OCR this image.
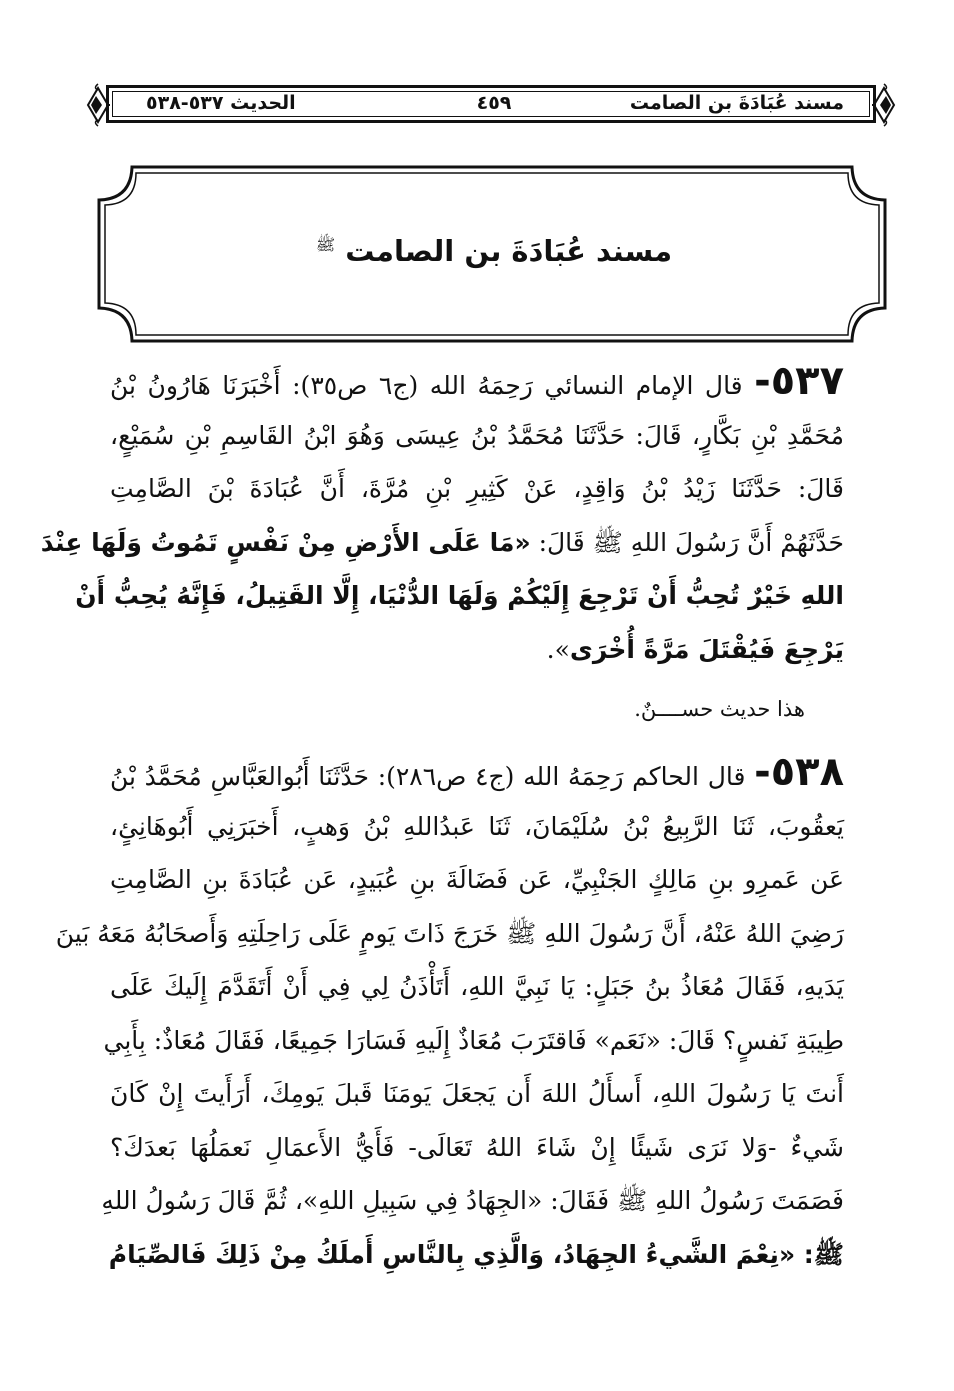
مسند عُبَادَةَ بن الصامت
٤٥٩
الحديث ٥٣٧-٥٣٨
مسند عُبَادَةَ بن الصامت $^ﷺ$
٥٣٧- قال الإمام النسائي رَحِمَهُ الله (ج٦ ص٣٥): أَخْبَرَنَا هَارُونُ بْنُ
مُحَمَّدِ بْنِ بَكَّارٍ، قَالَ: حَدَّثَنَا مُحَمَّدُ بْنُ عِيسَى وَهُوَ ابْنُ القَاسِمِ بْنِ سُمَيْعٍ،
قَالَ: حَدَّثَنَا زَيْدُ بْنُ وَاقِدٍ، عَنْ كَثِيرِ بْنِ مُرَّةَ، أَنَّ عُبَادَةَ بْنَ الصَّامِتِ
حَدَّثَهُمْ أَنَّ رَسُولَ اللهِ ﷺ قَالَ: «مَا عَلَى الأَرْضِ مِنْ نَفْسٍ تَمُوتُ وَلَهَا عِنْدَ
اللهِ خَيْرٌ تُحِبُّ أَنْ تَرْجِعَ إِلَيْكُمْ وَلَهَا الدُّنْيَا، إِلَّا القَتِيلُ، فَإِنَّهُ يُحِبُّ أَنْ
يَرْجِعَ فَيُقْتَلَ مَرَّةً أُخْرَى».
هذا حديث حســــنٌ.
٥٣٨- قال الحاكم رَحِمَهُ الله (ج٤ ص٢٨٦): حَدَّثَنَا أَبُوالعَبَّاسِ مُحَمَّدُ بْنُ
يَعقُوبَ، ثَنَا الرَّبِيعُ بْنُ سُلَيْمَانَ، ثَنَا عَبدُاللهِ بْنُ وَهبٍ، أَخبَرَنِي أَبُوهَانِئٍ،
عَن عَمرِو بنِ مَالِكٍ الجَنْبِيِّ، عَن فَضَالَةَ بنِ عُبَيدٍ، عَن عُبَادَةَ بنِ الصَّامِتِ
رَضِيَ اللهُ عَنْهُ، أَنَّ رَسُولَ اللهِ ﷺ خَرَجَ ذَاتَ يَومٍ عَلَى رَاحِلَتِهِ وَأَصحَابُهُ مَعَهُ بَينَ
يَدَيهِ، فَقَالَ مُعَاذُ بنُ جَبَلٍ: يَا نَبِيَّ اللهِ، أَتَأْذَنُ لِي فِي أَنْ أَتَقَدَّمَ إِلَيكَ عَلَى
طِيبَةِ نَفسٍ؟ قَالَ: «نَعَم» فَاقتَرَبَ مُعَاذٌ إِلَيهِ فَسَارَا جَمِيعًا، فَقَالَ مُعَاذٌ: بِأَبِي
أَنتَ يَا رَسُولَ اللهِ، أَسأَلُ اللهَ أَن يَجعَلَ يَومَنَا قَبلَ يَومِكَ، أَرَأَيتَ إِنْ كَانَ
شَيءٌ -وَلا نَرَى شَيئًا إِنْ شَاءَ اللهُ تَعَالَى- فَأَيُّ الأَعمَالِ نَعمَلُهَا بَعدَكَ؟
فَصَمَتَ رَسُولُ اللهِ ﷺ فَقَالَ: «الجِهَادُ فِي سَبِيلِ اللهِ»، ثُمَّ قَالَ رَسُولُ اللهِ
ﷺ: «نِعْمَ الشَّيءُ الجِهَادُ، وَالَّذِي بِالنَّاسِ أَملَكُ مِنْ ذَلِكَ فَالصِّيَامُ
